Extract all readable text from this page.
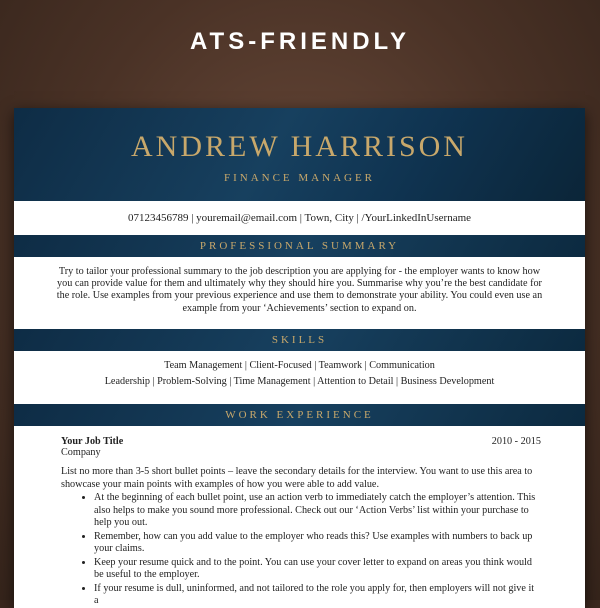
ATS-FRIENDLY
ANDREW HARRISON
FINANCE MANAGER
07123456789 | youremail@email.com | Town, City | /YourLinkedInUsername
PROFESSIONAL SUMMARY
Try to tailor your professional summary to the job description you are applying for - the employer wants to know how you can provide value for them and ultimately why they should hire you. Summarise why you’re the best candidate for the role. Use examples from your previous experience and use them to demonstrate your ability. You could even use an example from your ‘Achievements’ section to expand on.
SKILLS
Team Management | Client-Focused | Teamwork | Communication
Leadership | Problem-Solving | Time Management | Attention to Detail | Business Development
WORK EXPERIENCE
Your Job Title	2010 - 2015
Company
List no more than 3-5 short bullet points – leave the secondary details for the interview. You want to use this area to showcase your main points with examples of how you were able to add value.
• At the beginning of each bullet point, use an action verb to immediately catch the employer’s attention. This also helps to make you sound more professional. Check out our ‘Action Verbs’ list within your purchase to help you out.
• Remember, how can you add value to the employer who reads this? Use examples with numbers to back up your claims.
• Keep your resume quick and to the point. You can use your cover letter to expand on areas you think would be useful to the employer.
• If your resume is dull, uninformed, and not tailored to the role you apply for, then employers will not give it a
